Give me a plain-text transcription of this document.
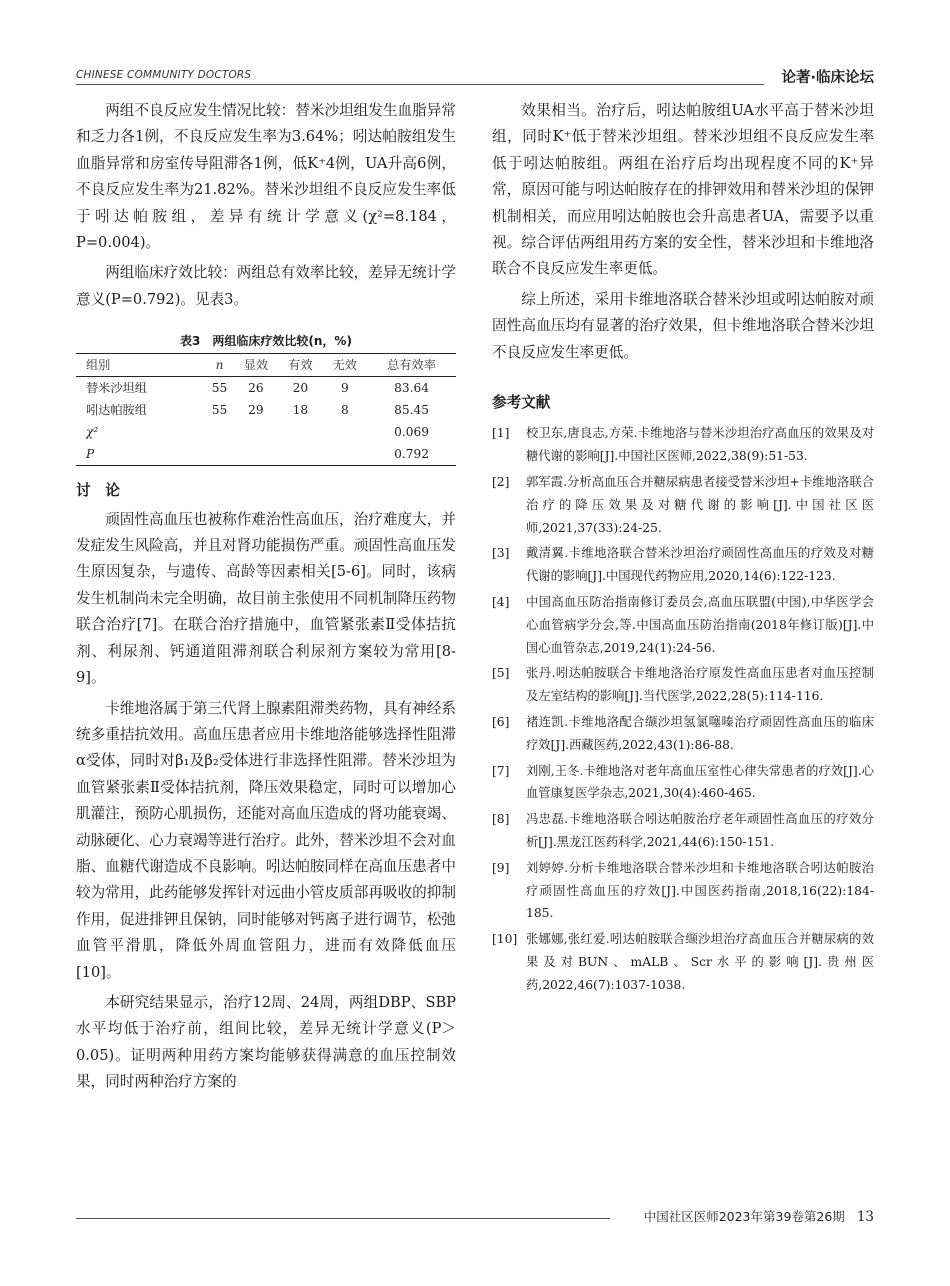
CHINESE COMMUNITY DOCTORS	论著·临床论坛

两组不良反应发生情况比较：替米沙坦组发生血脂异常和乏力各1例，不良反应发生率为3.64%；吲达帕胺组发生血脂异常和房室传导阻滞各1例，低K⁺4例，UA升高6例，不良反应发生率为21.82%。替米沙坦组不良反应发生率低于吲达帕胺组，差异有统计学意义(χ²=8.184，P=0.004)。

两组临床疗效比较：两组总有效率比较，差异无统计学意义(P=0.792)。见表3。

表3　两组临床疗效比较(n，%)
组别	n	显效	有效	无效	总有效率
替米沙坦组	55	26	20	9	83.64
吲达帕胺组	55	29	18	8	85.45
χ²					0.069
P					0.792
讨　论

顽固性高血压也被称作难治性高血压，治疗难度大，并发症发生风险高，并且对肾功能损伤严重。顽固性高血压发生原因复杂，与遗传、高龄等因素相关[5-6]。同时，该病发生机制尚未完全明确，故目前主张使用不同机制降压药物联合治疗[7]。在联合治疗措施中，血管紧张素Ⅱ受体拮抗剂、利尿剂、钙通道阻滞剂联合利尿剂方案较为常用[8-9]。

卡维地洛属于第三代肾上腺素阻滞类药物，具有神经系统多重拮抗效用。高血压患者应用卡维地洛能够选择性阻滞α受体，同时对β₁及β₂受体进行非选择性阻滞。替米沙坦为血管紧张素Ⅱ受体拮抗剂，降压效果稳定，同时可以增加心肌灌注，预防心肌损伤，还能对高血压造成的肾功能衰竭、动脉硬化、心力衰竭等进行治疗。此外，替米沙坦不会对血脂、血糖代谢造成不良影响。吲达帕胺同样在高血压患者中较为常用，此药能够发挥针对远曲小管皮质部再吸收的抑制作用，促进排钾且保钠，同时能够对钙离子进行调节，松弛血管平滑肌，降低外周血管阻力，进而有效降低血压[10]。

本研究结果显示，治疗12周、24周，两组DBP、SBP水平均低于治疗前，组间比较，差异无统计学意义(P＞0.05)。证明两种用药方案均能够获得满意的血压控制效果，同时两种治疗方案的

效果相当。治疗后，吲达帕胺组UA水平高于替米沙坦组，同时K⁺低于替米沙坦组。替米沙坦组不良反应发生率低于吲达帕胺组。两组在治疗后均出现程度不同的K⁺异常，原因可能与吲达帕胺存在的排钾效用和替米沙坦的保钾机制相关，而应用吲达帕胺也会升高患者UA，需要予以重视。综合评估两组用药方案的安全性，替米沙坦和卡维地洛联合不良反应发生率更低。

综上所述，采用卡维地洛联合替米沙坦或吲达帕胺对顽固性高血压均有显著的治疗效果，但卡维地洛联合替米沙坦不良反应发生率更低。

参考文献
[1] 校卫东,唐良志,方荣.卡维地洛与替米沙坦治疗高血压的效果及对糖代谢的影响[J].中国社区医师,2022,38(9):51-53.
[2] 郭军霞.分析高血压合并糖尿病患者接受替米沙坦+卡维地洛联合治疗的降压效果及对糖代谢的影响[J].中国社区医师,2021,37(33):24-25.
[3] 戴清翼.卡维地洛联合替米沙坦治疗顽固性高血压的疗效及对糖代谢的影响[J].中国现代药物应用,2020,14(6):122-123.
[4] 中国高血压防治指南修订委员会,高血压联盟(中国),中华医学会心血管病学分会,等.中国高血压防治指南(2018年修订版)[J].中国心血管杂志,2019,24(1):24-56.
[5] 张丹.吲达帕胺联合卡维地洛治疗原发性高血压患者对血压控制及左室结构的影响[J].当代医学,2022,28(5):114-116.
[6] 褚连凯.卡维地洛配合缬沙坦氢氯噻嗪治疗顽固性高血压的临床疗效[J].西藏医药,2022,43(1):86-88.
[7] 刘刚,王冬.卡维地洛对老年高血压室性心律失常患者的疗效[J].心血管康复医学杂志,2021,30(4):460-465.
[8] 冯忠磊.卡维地洛联合吲达帕胺治疗老年顽固性高血压的疗效分析[J].黑龙江医药科学,2021,44(6):150-151.
[9] 刘婷婷.分析卡维地洛联合替米沙坦和卡维地洛联合吲达帕胺治疗顽固性高血压的疗效[J].中国医药指南,2018,16(22):184-185.
[10] 张娜娜,张红爱.吲达帕胺联合缬沙坦治疗高血压合并糖尿病的效果及对BUN、mALB、Scr水平的影响[J].贵州医药,2022,46(7):1037-1038.
中国社区医师2023年第39卷第26期 13
